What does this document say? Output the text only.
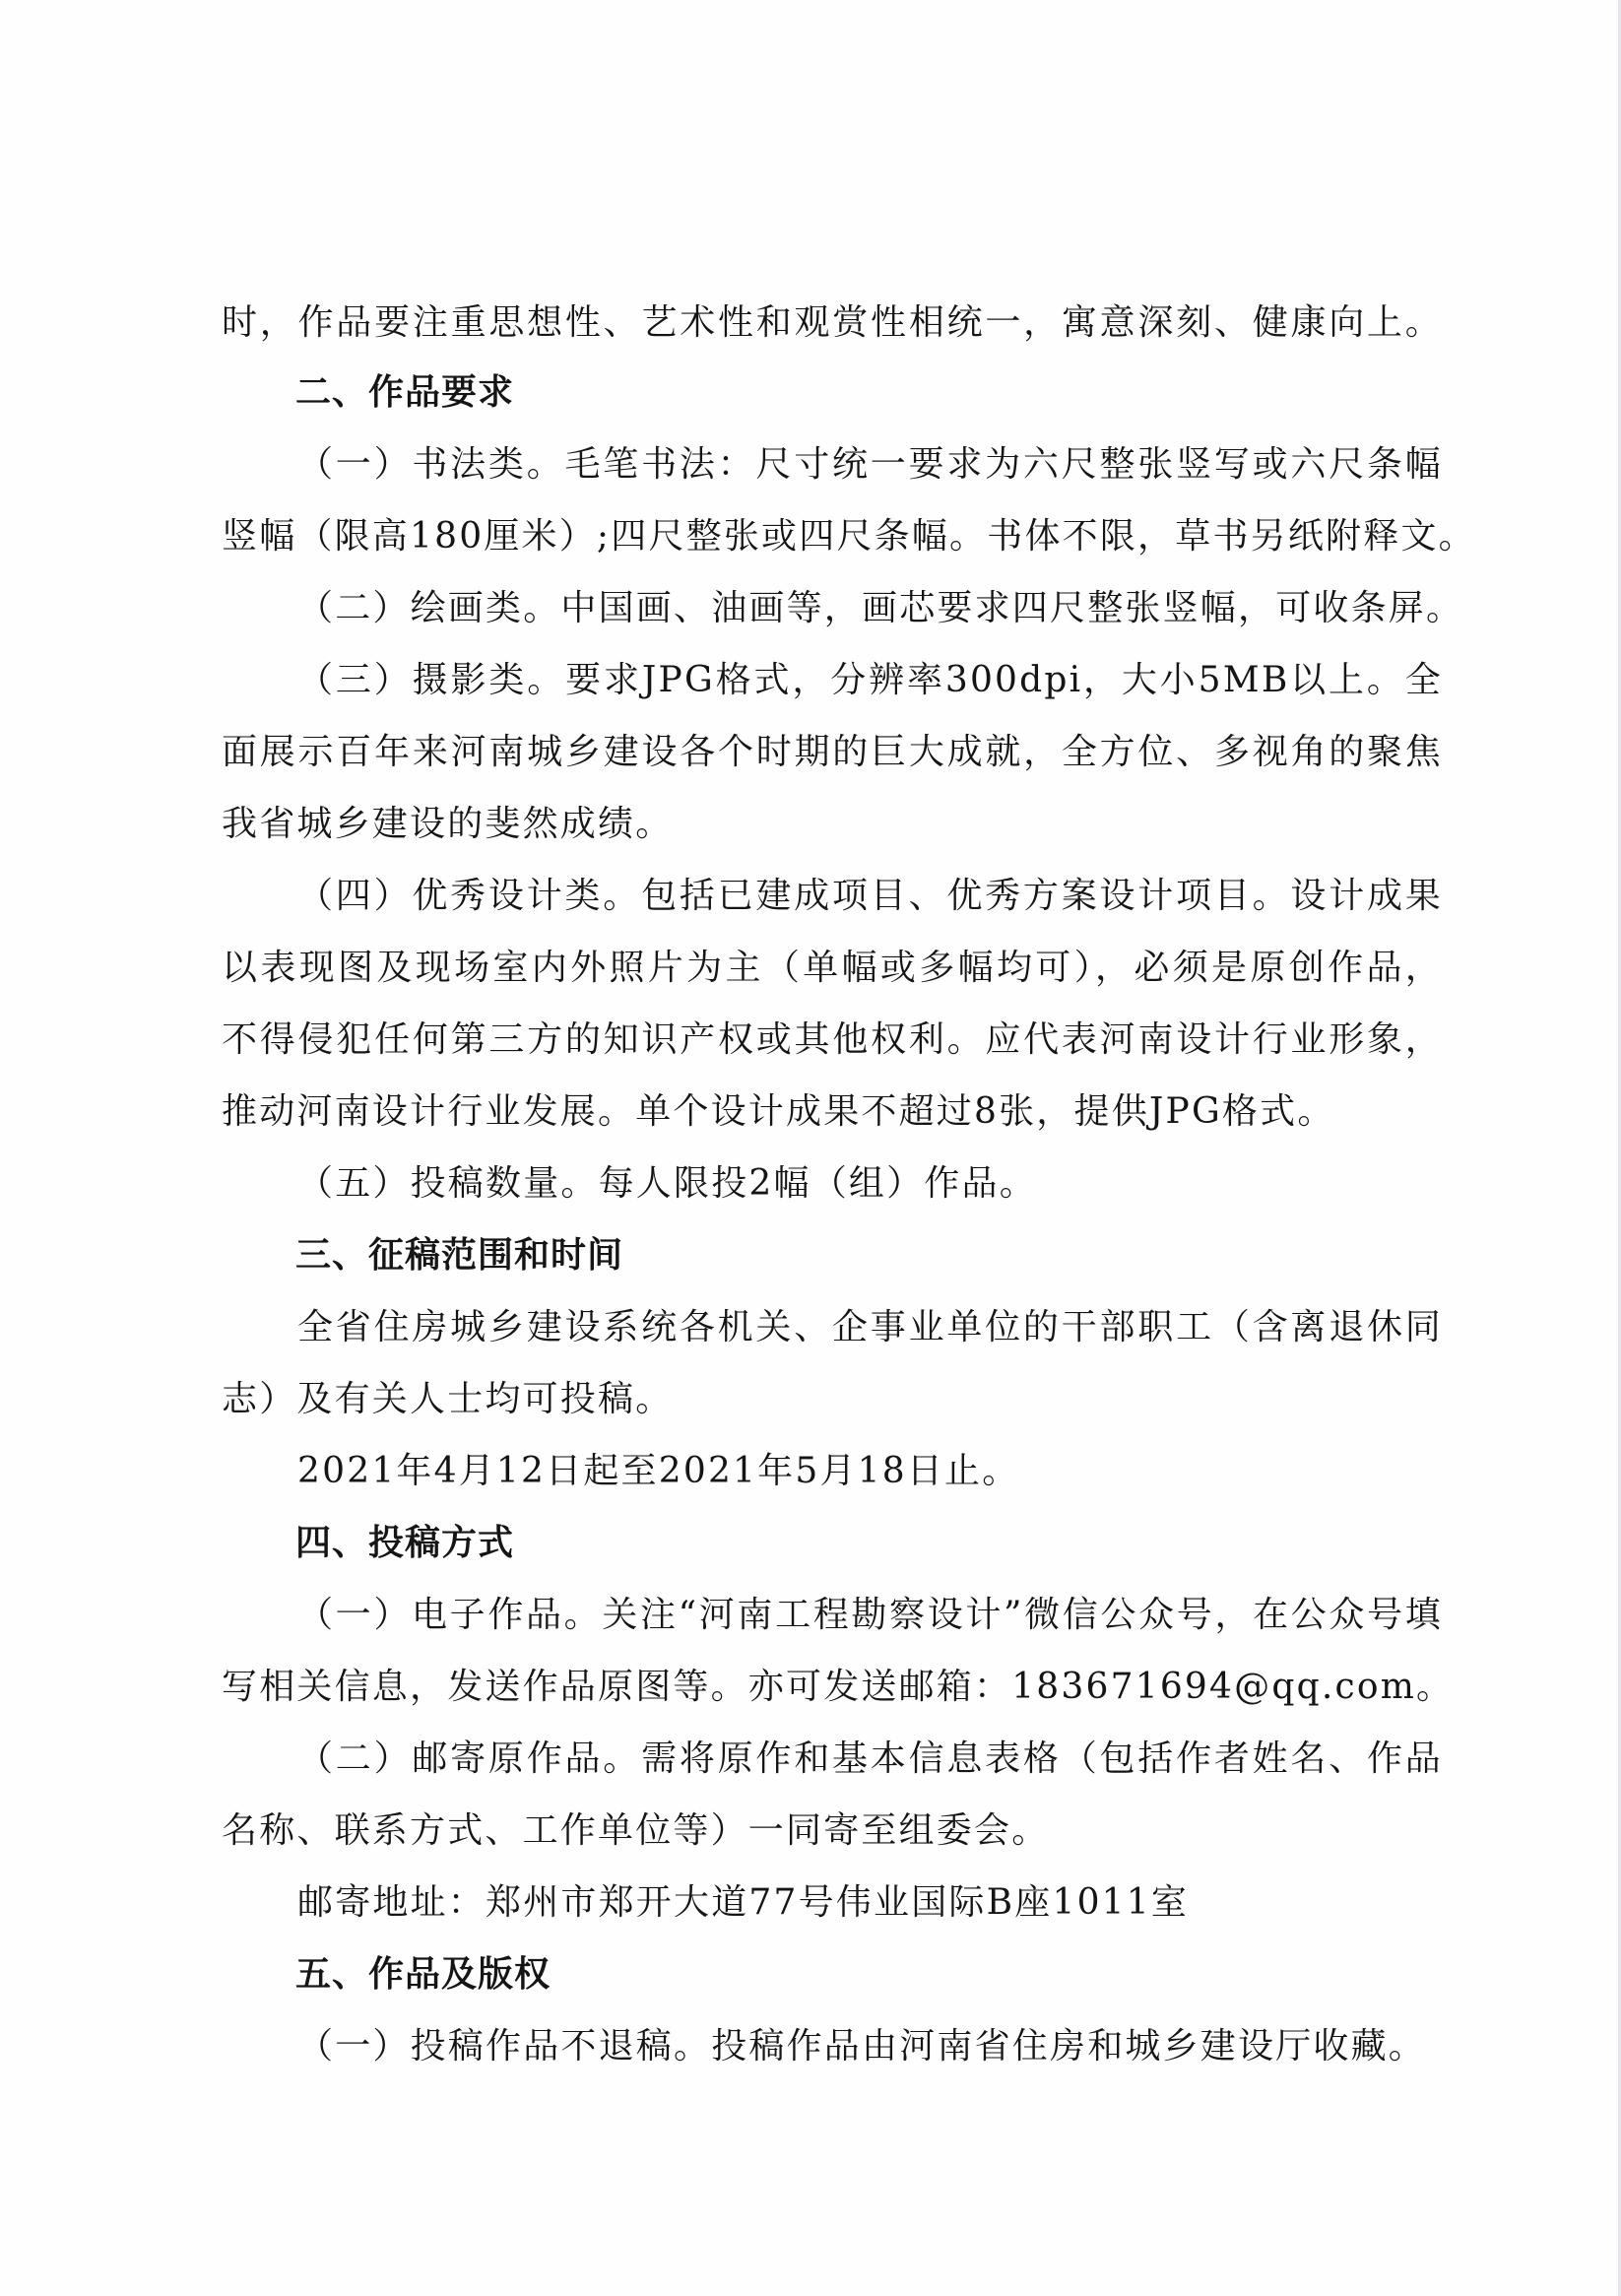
时，作品要注重思想性、艺术性和观赏性相统一，寓意深刻、健康向上。
二、作品要求
（一）书法类。毛笔书法：尺寸统一要求为六尺整张竖写或六尺条幅
竖幅（限高180厘米）;四尺整张或四尺条幅。书体不限，草书另纸附释文。
（二）绘画类。中国画、油画等，画芯要求四尺整张竖幅，可收条屏。
（三）摄影类。要求JPG格式，分辨率300dpi，大小5MB以上。全
面展示百年来河南城乡建设各个时期的巨大成就，全方位、多视角的聚焦
我省城乡建设的斐然成绩。
（四）优秀设计类。包括已建成项目、优秀方案设计项目。设计成果
以表现图及现场室内外照片为主（单幅或多幅均可），必须是原创作品，
不得侵犯任何第三方的知识产权或其他权利。应代表河南设计行业形象，
推动河南设计行业发展。单个设计成果不超过8张，提供JPG格式。
（五）投稿数量。每人限投2幅（组）作品。
三、征稿范围和时间
全省住房城乡建设系统各机关、企事业单位的干部职工（含离退休同
志）及有关人士均可投稿。
2021年4月12日起至2021年5月18日止。
四、投稿方式
（一）电子作品。关注“河南工程勘察设计”微信公众号，在公众号填
写相关信息，发送作品原图等。亦可发送邮箱：183671694@qq.com。
（二）邮寄原作品。需将原作和基本信息表格（包括作者姓名、作品
名称、联系方式、工作单位等）一同寄至组委会。
邮寄地址：郑州市郑开大道77号伟业国际B座1011室
五、作品及版权
（一）投稿作品不退稿。投稿作品由河南省住房和城乡建设厅收藏。
